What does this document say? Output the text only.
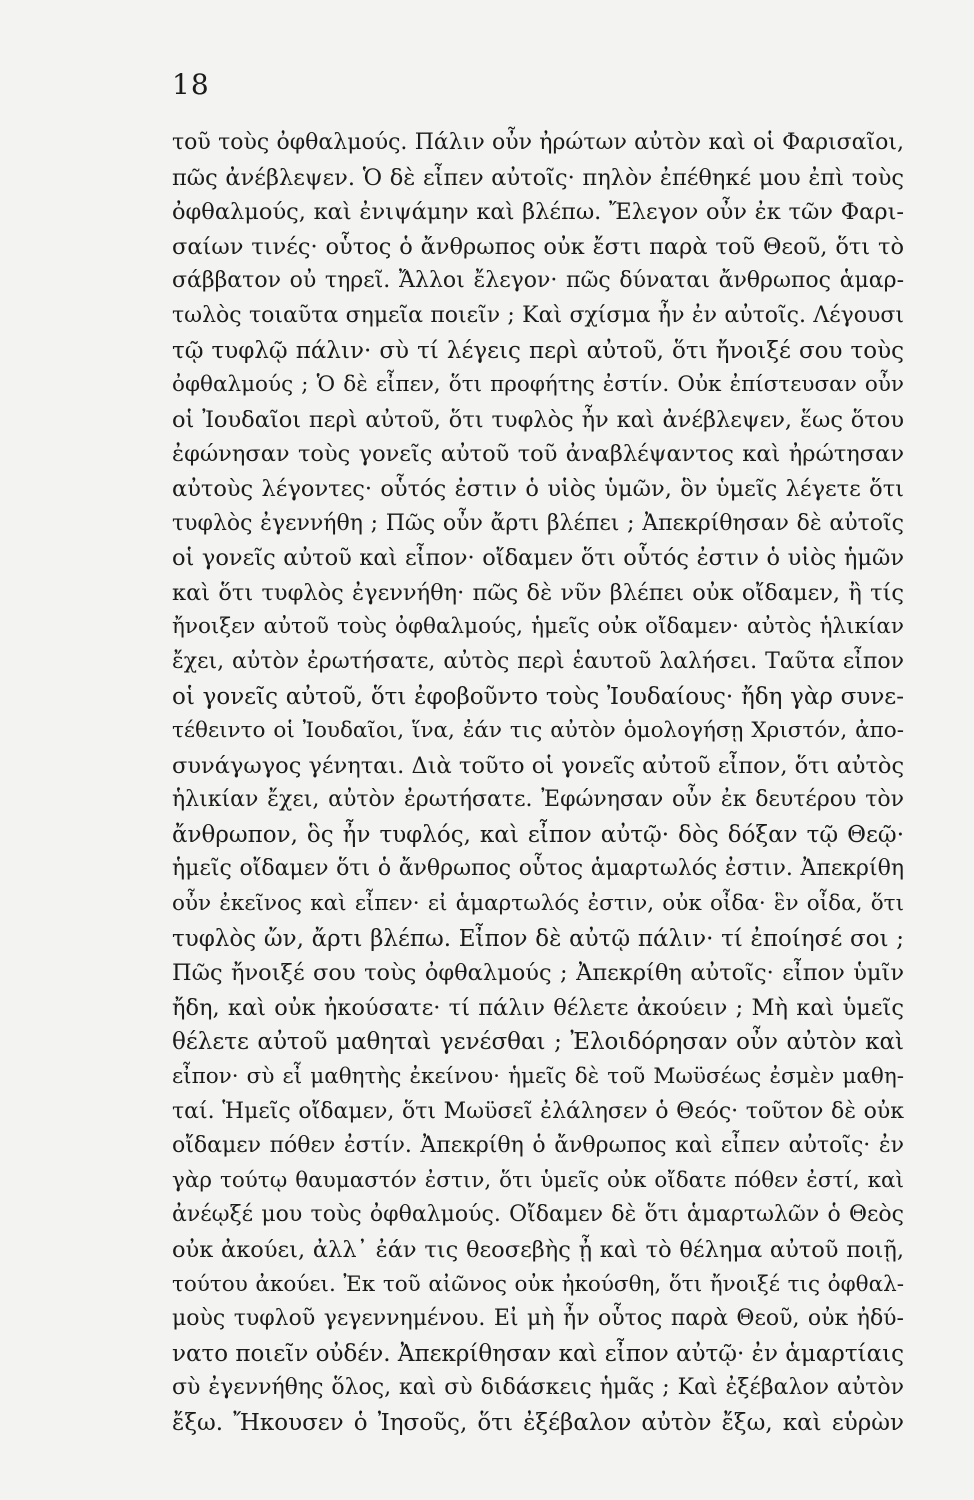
18
τοῦ τοὺς ὀφθαλμούς. Πάλιν οὖν ἠρώτων αὐτὸν καὶ οἱ Φαρισαῖοι,
πῶς ἀνέβλεψεν. Ὁ δὲ εἶπεν αὐτοῖς· πηλὸν ἐπέθηκέ μου ἐπὶ τοὺς
ὀφθαλμούς, καὶ ἐνιψάμην καὶ βλέπω. Ἔλεγον οὖν ἐκ τῶν Φαρι-
σαίων τινές· οὗτος ὁ ἄνθρωπος οὐκ ἔστι παρὰ τοῦ Θεοῦ, ὅτι τὸ
σάββατον οὐ τηρεῖ. Ἄλλοι ἔλεγον· πῶς δύναται ἄνθρωπος ἁμαρ-
τωλὸς τοιαῦτα σημεῖα ποιεῖν ; Καὶ σχίσμα ἦν ἐν αὐτοῖς. Λέγουσι
τῷ τυφλῷ πάλιν· σὺ τί λέγεις περὶ αὐτοῦ, ὅτι ἤνοιξέ σου τοὺς
ὀφθαλμούς ; Ὁ δὲ εἶπεν, ὅτι προφήτης ἐστίν. Οὐκ ἐπίστευσαν οὖν
οἱ Ἰουδαῖοι περὶ αὐτοῦ, ὅτι τυφλὸς ἦν καὶ ἀνέβλεψεν, ἕως ὅτου
ἐφώνησαν τοὺς γονεῖς αὐτοῦ τοῦ ἀναβλέψαντος καὶ ἠρώτησαν
αὐτοὺς λέγοντες· οὗτός ἐστιν ὁ υἱὸς ὑμῶν, ὃν ὑμεῖς λέγετε ὅτι
τυφλὸς ἐγεννήθη ; Πῶς οὖν ἄρτι βλέπει ; Ἀπεκρίθησαν δὲ αὐτοῖς
οἱ γονεῖς αὐτοῦ καὶ εἶπον· οἴδαμεν ὅτι οὗτός ἐστιν ὁ υἱὸς ἡμῶν
καὶ ὅτι τυφλὸς ἐγεννήθη· πῶς δὲ νῦν βλέπει οὐκ οἴδαμεν, ἢ τίς
ἤνοιξεν αὐτοῦ τοὺς ὀφθαλμούς, ἡμεῖς οὐκ οἴδαμεν· αὐτὸς ἡλικίαν
ἔχει, αὐτὸν ἐρωτήσατε, αὐτὸς περὶ ἑαυτοῦ λαλήσει. Ταῦτα εἶπον
οἱ γονεῖς αὐτοῦ, ὅτι ἐφοβοῦντο τοὺς Ἰουδαίους· ἤδη γὰρ συνε-
τέθειντο οἱ Ἰουδαῖοι, ἵνα, ἐάν τις αὐτὸν ὁμολογήσῃ Χριστόν, ἀπο-
συνάγωγος γένηται. Διὰ τοῦτο οἱ γονεῖς αὐτοῦ εἶπον, ὅτι αὐτὸς
ἡλικίαν ἔχει, αὐτὸν ἐρωτήσατε. Ἐφώνησαν οὖν ἐκ δευτέρου τὸν
ἄνθρωπον, ὃς ἦν τυφλός, καὶ εἶπον αὐτῷ· δὸς δόξαν τῷ Θεῷ·
ἡμεῖς οἴδαμεν ὅτι ὁ ἄνθρωπος οὗτος ἁμαρτωλός ἐστιν. Ἀπεκρίθη
οὖν ἐκεῖνος καὶ εἶπεν· εἰ ἁμαρτωλός ἐστιν, οὐκ οἶδα· ἓν οἶδα, ὅτι
τυφλὸς ὤν, ἄρτι βλέπω. Εἶπον δὲ αὐτῷ πάλιν· τί ἐποίησέ σοι ;
Πῶς ἤνοιξέ σου τοὺς ὀφθαλμούς ; Ἀπεκρίθη αὐτοῖς· εἶπον ὑμῖν
ἤδη, καὶ οὐκ ἠκούσατε· τί πάλιν θέλετε ἀκούειν ; Μὴ καὶ ὑμεῖς
θέλετε αὐτοῦ μαθηταὶ γενέσθαι ; Ἐλοιδόρησαν οὖν αὐτὸν καὶ
εἶπον· σὺ εἶ μαθητὴς ἐκείνου· ἡμεῖς δὲ τοῦ Μωϋσέως ἐσμὲν μαθη-
ταί. Ἡμεῖς οἴδαμεν, ὅτι Μωϋσεῖ ἐλάλησεν ὁ Θεός· τοῦτον δὲ οὐκ
οἴδαμεν πόθεν ἐστίν. Ἀπεκρίθη ὁ ἄνθρωπος καὶ εἶπεν αὐτοῖς· ἐν
γὰρ τούτῳ θαυμαστόν ἐστιν, ὅτι ὑμεῖς οὐκ οἴδατε πόθεν ἐστί, καὶ
ἀνέῳξέ μου τοὺς ὀφθαλμούς. Οἴδαμεν δὲ ὅτι ἁμαρτωλῶν ὁ Θεὸς
οὐκ ἀκούει, ἀλλ᾽ ἐάν τις θεοσεβὴς ᾖ καὶ τὸ θέλημα αὐτοῦ ποιῇ,
τούτου ἀκούει. Ἐκ τοῦ αἰῶνος οὐκ ἠκούσθη, ὅτι ἤνοιξέ τις ὀφθαλ-
μοὺς τυφλοῦ γεγεννημένου. Εἰ μὴ ἦν οὗτος παρὰ Θεοῦ, οὐκ ἠδύ-
νατο ποιεῖν οὐδέν. Ἀπεκρίθησαν καὶ εἶπον αὐτῷ· ἐν ἁμαρτίαις
σὺ ἐγεννήθης ὅλος, καὶ σὺ διδάσκεις ἡμᾶς ; Καὶ ἐξέβαλον αὐτὸν
ἔξω. Ἤκουσεν ὁ Ἰησοῦς, ὅτι ἐξέβαλον αὐτὸν ἔξω, καὶ εὑρὼν
